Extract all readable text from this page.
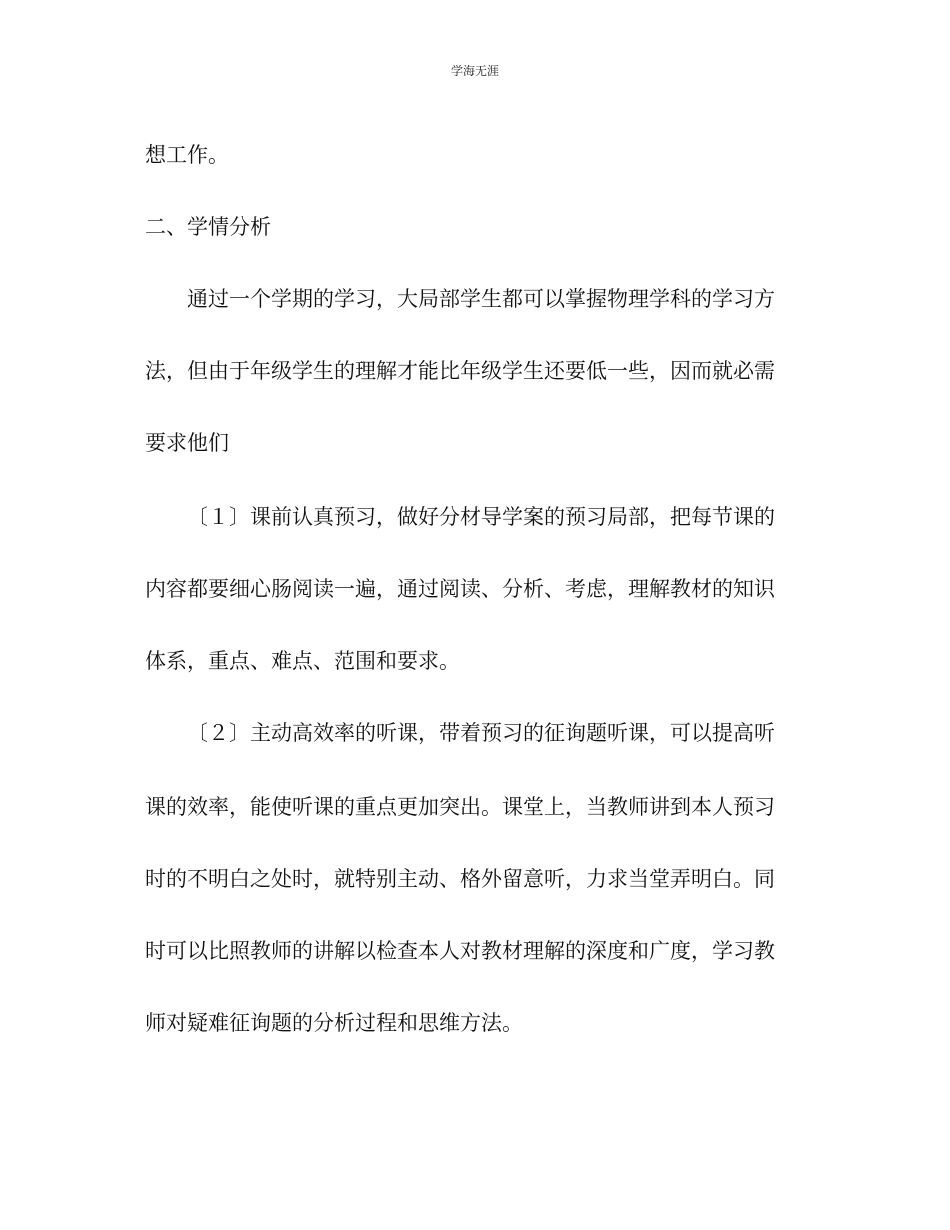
学海无涯
想工作。
二、学情分析
通过一个学期的学习，大局部学生都可以掌握物理学科的学习方
法，但由于年级学生的理解才能比年级学生还要低一些，因而就必需
要求他们
〔１〕课前认真预习，做好分材导学案的预习局部，把每节课的
内容都要细心肠阅读一遍，通过阅读、分析、考虑，理解教材的知识
体系，重点、难点、范围和要求。
〔２〕主动高效率的听课，带着预习的征询题听课，可以提高听
课的效率，能使听课的重点更加突出。课堂上，当教师讲到本人预习
时的不明白之处时，就特别主动、格外留意听，力求当堂弄明白。同
时可以比照教师的讲解以检查本人对教材理解的深度和广度，学习教
师对疑难征询题的分析过程和思维方法。
